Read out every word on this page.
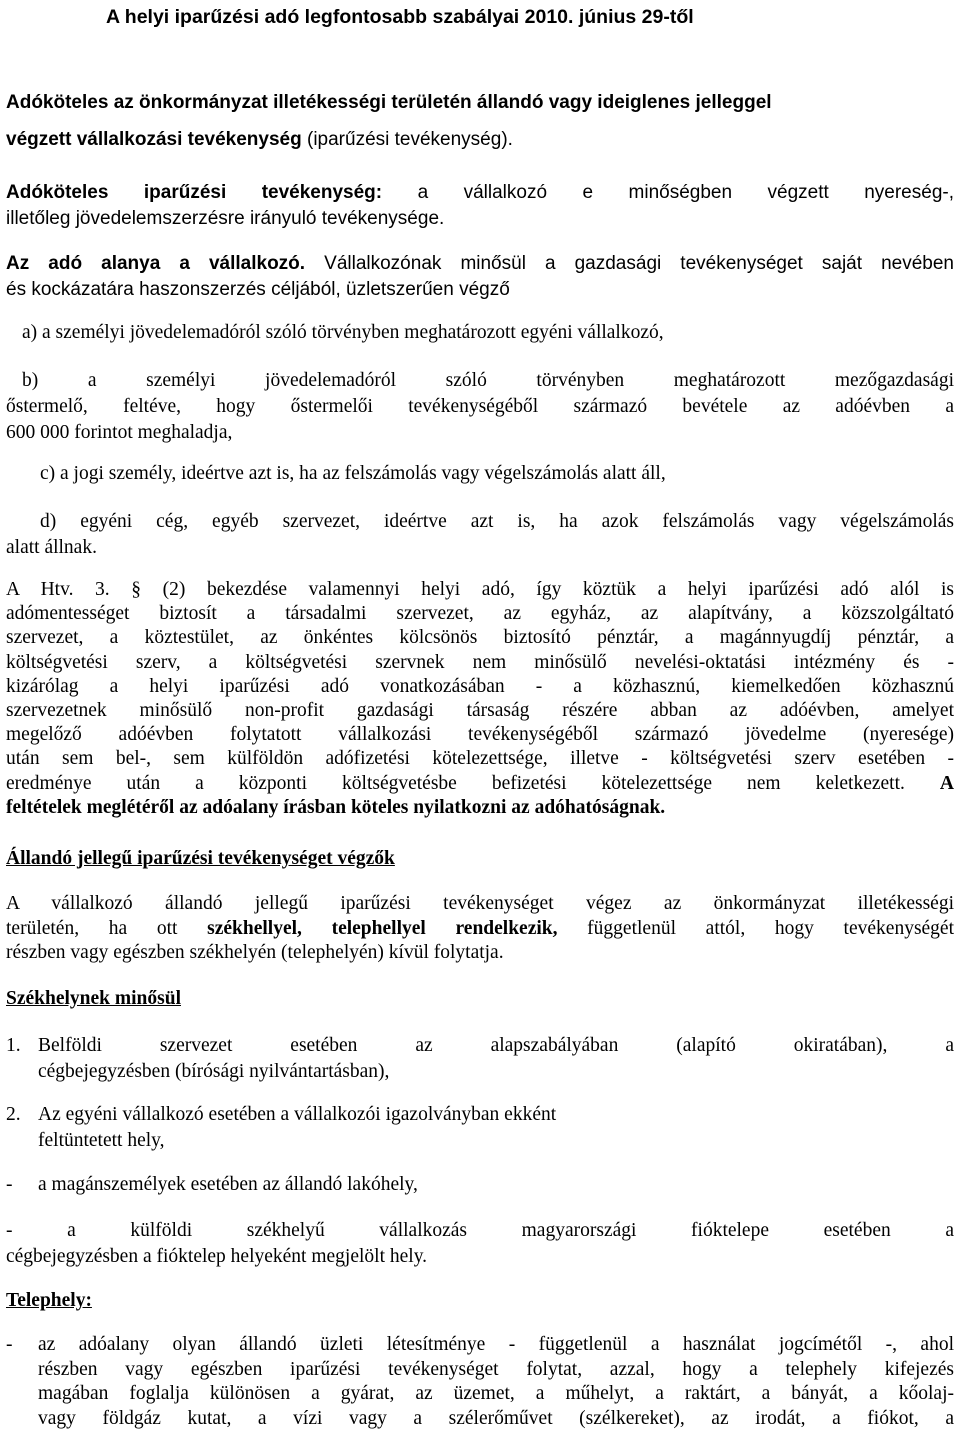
A helyi iparűzési adó legfontosabb szabályai 2010. június 29-től
Adóköteles az önkormányzat illetékességi területén állandó vagy ideiglenes jelleggel
végzett vállalkozási tevékenység (iparűzési tevékenység).
Adóköteles iparűzési tevékenység: a vállalkozó e minőségben végzett nyereség-,
illetőleg jövedelemszerzésre irányuló tevékenysége.
Az adó alanya a vállalkozó. Vállalkozónak minősül a gazdasági tevékenységet saját nevében
és kockázatára haszonszerzés céljából, üzletszerűen végző
a) a személyi jövedelemadóról szóló törvényben meghatározott egyéni vállalkozó,
b) a személyi jövedelemadóról szóló törvényben meghatározott mezőgazdasági
őstermelő, feltéve, hogy őstermelői tevékenységéből származó bevétele az adóévben a
600 000 forintot meghaladja,
c) a jogi személy, ideértve azt is, ha az felszámolás vagy végelszámolás alatt áll,
d) egyéni cég, egyéb szervezet, ideértve azt is, ha azok felszámolás vagy végelszámolás
alatt állnak.
A Htv. 3. § (2) bekezdése valamennyi helyi adó, így köztük a helyi iparűzési adó alól is
adómentességet biztosít a társadalmi szervezet, az egyház, az alapítvány, a közszolgáltató
szervezet, a köztestület, az önkéntes kölcsönös biztosító pénztár, a magánnyugdíj pénztár, a
költségvetési szerv, a költségvetési szervnek nem minősülő nevelési-oktatási intézmény és -
kizárólag a helyi iparűzési adó vonatkozásában - a közhasznú, kiemelkedően közhasznú
szervezetnek minősülő non-profit gazdasági társaság részére abban az adóévben, amelyet
megelőző adóévben folytatott vállalkozási tevékenységéből származó jövedelme (nyeresége)
után sem bel-, sem külföldön adófizetési kötelezettsége, illetve - költségvetési szerv esetében -
eredménye után a központi költségvetésbe befizetési kötelezettsége nem keletkezett. A
feltételek meglétéről az adóalany írásban köteles nyilatkozni az adóhatóságnak.
Állandó jellegű iparűzési tevékenységet végzők
A vállalkozó állandó jellegű iparűzési tevékenységet végez az önkormányzat illetékességi
területén, ha ott székhellyel, telephellyel rendelkezik, függetlenül attól, hogy tevékenységét
részben vagy egészben székhelyén (telephelyén) kívül folytatja.
Székhelynek minősül
1. Belföldi szervezet esetében az alapszabályában (alapító okiratában), a
cégbejegyzésben (bírósági nyilvántartásban),
2. Az egyéni vállalkozó esetében a vállalkozói igazolványban ekként
feltüntetett hely,
-	a magánszemélyek esetében az állandó lakóhely,
- a külföldi székhelyű vállalkozás magyarországi fióktelepe esetében a
cégbejegyzésben a fióktelep helyeként megjelölt hely.
Telephely:
-	az adóalany olyan állandó üzleti létesítménye - függetlenül a használat jogcímétől -, ahol
részben vagy egészben iparűzési tevékenységet folytat, azzal, hogy a telephely kifejezés
magában foglalja különösen a gyárat, az üzemet, a műhelyt, a raktárt, a bányát, a kőolaj-
vagy földgáz kutat, a vízi vagy a szélerőművet (szélkereket), az irodát, a fiókot, a
